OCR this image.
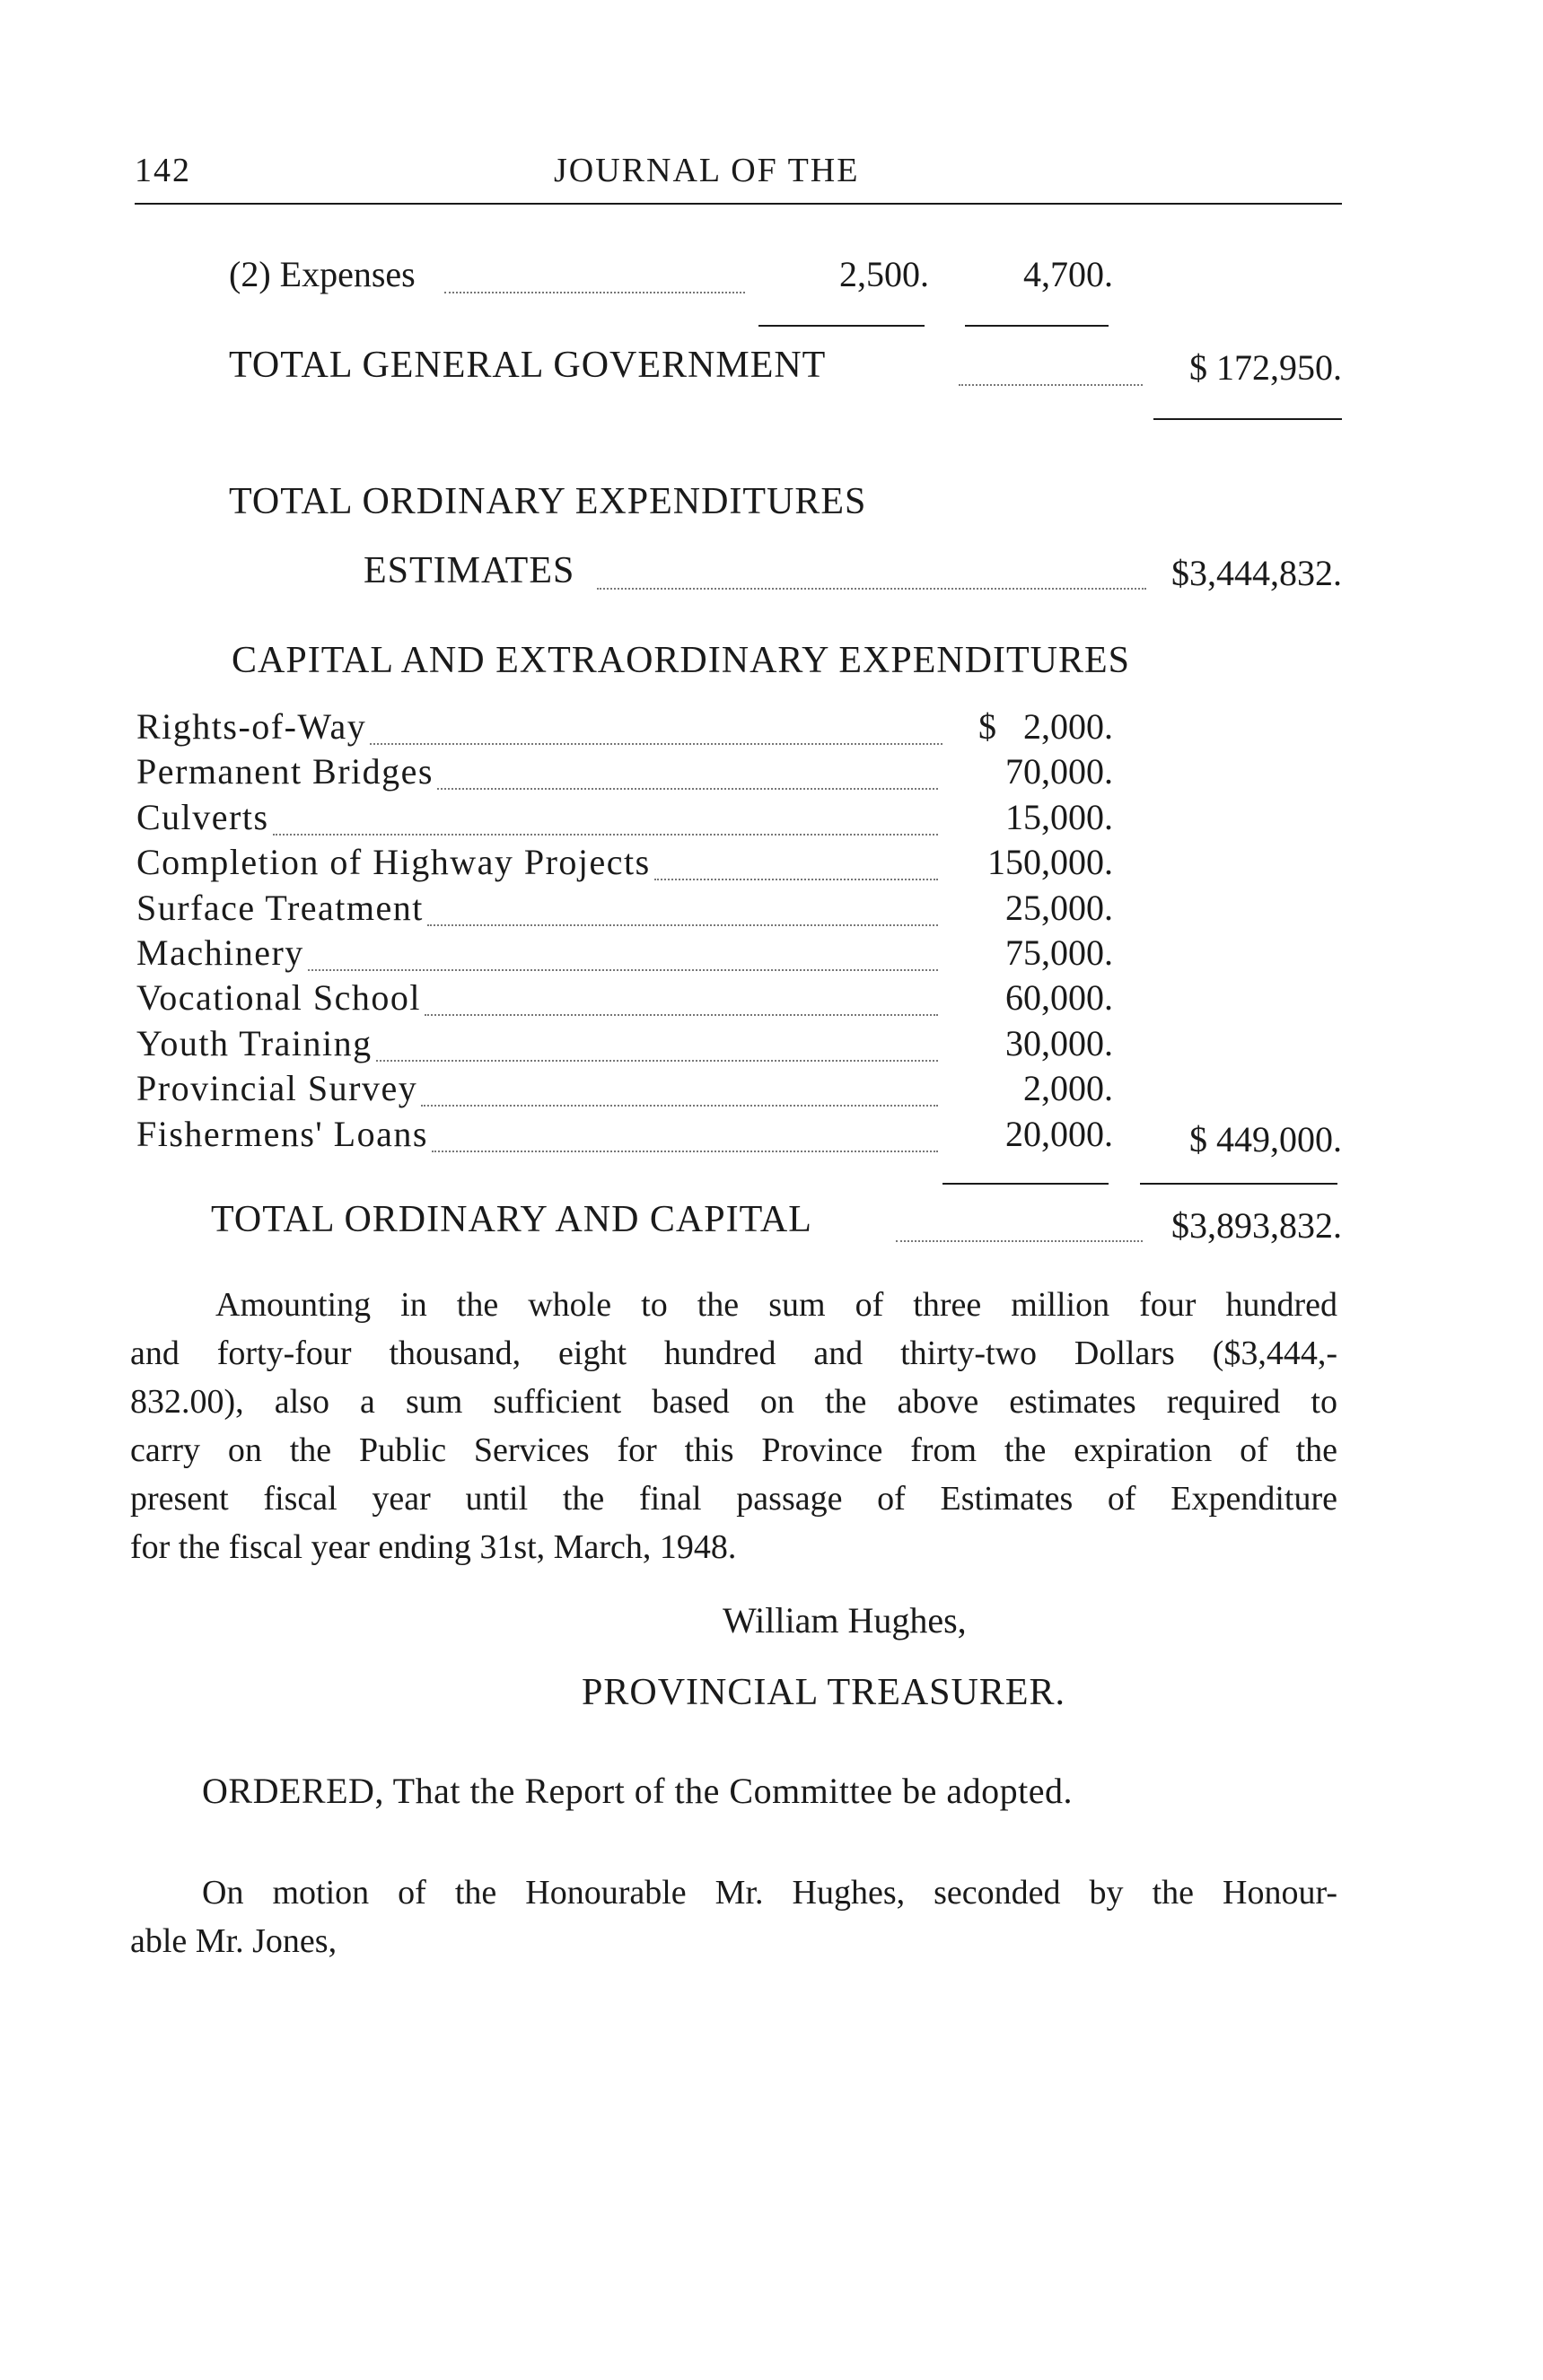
142	JOURNAL OF THE
(2) Expenses	2,500.	4,700.
TOTAL GENERAL GOVERNMENT	$ 172,950.
TOTAL ORDINARY EXPENDITURES
ESTIMATES	$3,444,832.
CAPITAL AND EXTRAORDINARY EXPENDITURES
Rights-of-Way	$   2,000.
Permanent Bridges	70,000.
Culverts	15,000.
Completion of Highway Projects	150,000.
Surface Treatment	25,000.
Machinery	75,000.
Vocational School	60,000.
Youth Training	30,000.
Provincial Survey	2,000.
Fishermens' Loans	20,000.	$ 449,000.
TOTAL ORDINARY AND CAPITAL	$3,893,832.
Amounting in the whole to the sum of three million four hundred
and forty-four thousand, eight hundred and thirty-two Dollars ($3,444,-
832.00), also a sum sufficient based on the above estimates required to
carry on the Public Services for this Province from the expiration of the
present fiscal year until the final passage of Estimates of Expenditure
for the fiscal year ending 31st, March, 1948.
William Hughes,
PROVINCIAL TREASURER.
ORDERED, That the Report of the Committee be adopted.
On motion of the Honourable Mr. Hughes, seconded by the Honour-
able Mr. Jones,
